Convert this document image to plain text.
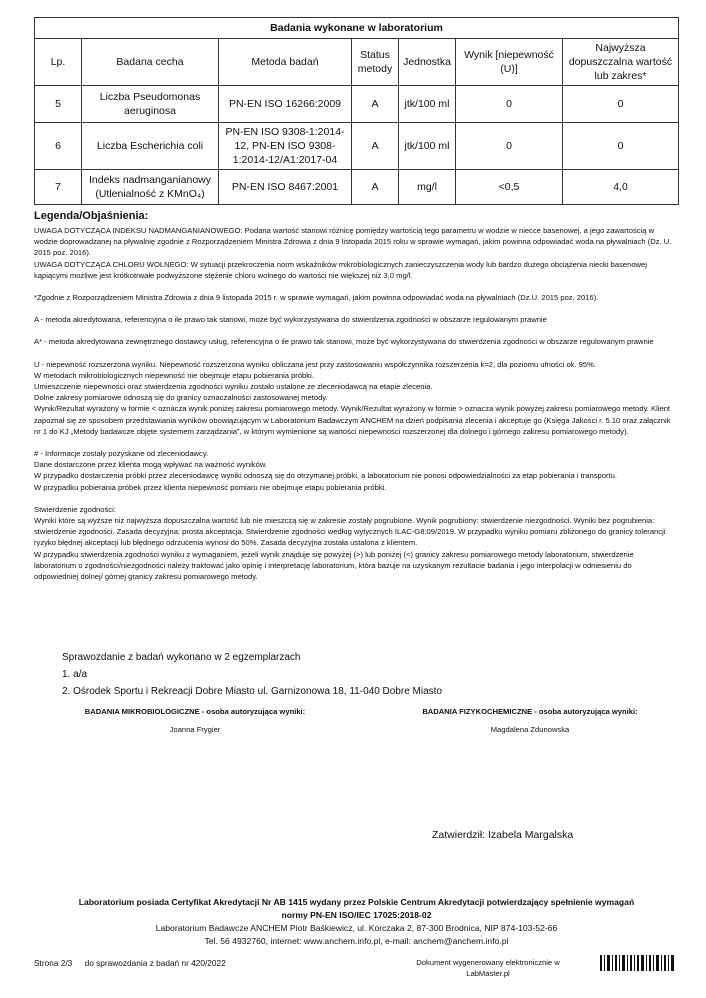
Badania wykonane w laboratorium						
Lp.	Badana cecha	Metoda badań	Status metody	Jednostka	Wynik [niepewność (U)]	Najwyższa dopuszczalna wartość lub zakres*
5	Liczba Pseudomonas aeruginosa	PN-EN ISO 16266:2009	A	jtk/100 ml	0	0
6	Liczba Escherichia coli	PN-EN ISO 9308-1:2014-12, PN-EN ISO 9308-1:2014-12/A1:2017-04	A	jtk/100 ml	0	0
7	Indeks nadmanganianowy (Utlenialność z KMnO₄)	PN-EN ISO 8467:2001	A	mg/l	<0,5	4,0
Legenda/Objaśnienia:

UWAGA DOTYCZĄCA INDEKSU NADMANGANIANOWEGO: Podana wartość stanowi różnicę pomiędzy wartością tego parametru w wodzie w niecce basenowej, a jego zawartością w wodzie doprowadzanej na pływalnię zgodnie z Rozporządzeniem Ministra Zdrowia z dnia 9 listopada 2015 roku w sprawie wymagań, jakim powinna odpowiadać woda na pływalniach (Dz. U. 2015 poz. 2016).

UWAGA DOTYCZĄCA CHLORU WOLNEGO: W sytuacji przekroczenia norm wskaźników mikrobiologicznych zanieczyszczenia wody lub bardzo dużego obciążenia niecki basenowej kąpiącymi możliwe jest krótkotrwałe podwyższone stężenie chloru wolnego do wartości nie większej niż 3,0 mg/l.

*Zgodnie z Rozporządzeniem Ministra Zdrowia z dnia 9 listopada 2015 r. w sprawie wymagań, jakim powinna odpowiadać woda na pływalniach (Dz.U. 2015 poz. 2016).

A - metoda akredytowana, referencyjna o ile prawo tak stanowi, może być wykorzystywana do stwierdzenia zgodności w obszarze regulowanym prawnie

A* - metoda akredytowana zewnętrznego dostawcy usług, referencyjna o ile prawo tak stanowi, może być wykorzystywana do stwierdzenia zgodności w obszarze regulowanym prawnie

U - niepewność rozszerzona wyniku. Niepewność rozszerzona wyniku obliczana jest przy zastosowaniu współczynnika rozszerzenia k=2, dla poziomu ufności ok. 95%.

W metodach mikrobiologicznych niepewność nie obejmuje etapu pobierania próbki.

Umieszczenie niepewności oraz stwierdzenia zgodności wyniku zostało ustalone ze zleceniodawcą na etapie zlecenia.

Dolne zakresy pomiarowe odnoszą się do granicy oznaczalności zastosowanej metody.

Wynik/Rezultat wyrażony w formie < oznacza wynik poniżej zakresu pomiarowego metody. Wynik/Rezultat wyrażony w formie > oznacza wynik powyżej zakresu pomiarowego metody. Klient zapoznał się ze sposobem przedstawiania wyników obowiązującym w Laboratorium Badawczym ANCHEM na dzień podpisania zlecenia i akceptuje go (Księga Jakości r. 5.10 oraz załącznik nr 1 do KJ „Metody badawcze objęte systemem zarządzania”, w którym wymienione są wartości niepewności rozszerzonej dla dolnego i górnego zakresu pomiarowego metody).

# - Informacje zostały pozyskane od zleceniodawcy.

Dane dostarczone przez klienta mogą wpływać na ważność wyników.

W przypadku dostarczenia próbki przez zleceniodawcę wyniki odnoszą się do otrzymanej próbki, a laboratorium nie ponosi odpowiedzialności za etap pobierania i transportu.

W przypadku pobierania próbek przez klienta niepewność pomiaru nie obejmuje etapu pobierania próbki.

Stwierdzenie zgodności:

Wyniki które są wyższe niż najwyższa dopuszczalna wartość lub nie mieszczą się w zakresie zostały pogrubione. Wynik pogrubiony: stwierdzenie niezgodności. Wyniki bez pogrubienia: stwierdzenie zgodności. Zasada decyzyjna: prosta akceptacja. Stwierdzenie zgodności według wytycznych ILAC-G8:09/2019. W przypadku wyniku pomiaru zbliżonego do granicy tolerancji ryzyko błędnej akceptacji lub błędnego odrzucenia wynosi do 50%. Zasada decyzyjna została ustalona z klientem.

W przypadku stwierdzenia zgodności wyniku z wymaganiem, jeżeli wynik znajduje się powyżej (>) lub poniżej (<) granicy zakresu pomiarowego metody laboratorium, stwierdzenie laboratorium o zgodności/niezgodności należy traktować jako opinię i interpretację laboratorium, która bazuje na uzyskanym rezultacie badania i jego interpolacji w odniesieniu do odpowiedniej dolnej/ górnej granicy zakresu pomiarowego metody.

Sprawozdanie z badań wykonano w 2 egzemplarzach
1. a/a
2. Ośrodek Sportu i Rekreacji Dobre Miasto ul. Garnizonowa 18, 11-040 Dobre Miasto
BADANIA MIKROBIOLOGICZNE - osoba autoryzująca wyniki:
Joanna Frygier
BADANIA FIZYKOCHEMICZNE - osoba autoryzująca wyniki:
Magdalena Zdunowska
Zatwierdził: Izabela Margalska
Laboratorium posiada Certyfikat Akredytacji Nr AB 1415 wydany przez Polskie Centrum Akredytacji potwierdzający spełnienie wymagań
normy PN-EN ISO/IEC 17025:2018-02
Laboratorium Badawcze ANCHEM Piotr Baśkiewicz, ul. Korczaka 2, 87-300 Brodnica, NIP 874-103-52-66
Tel. 56 4932760, internet: www.anchem.info.pl, e-mail: anchem@anchem.info.pl
Strona 2/3 do sprawozdania z badań nr 420/2022	Dokument wygenerowany elektronicznie w LabMaster.pl
